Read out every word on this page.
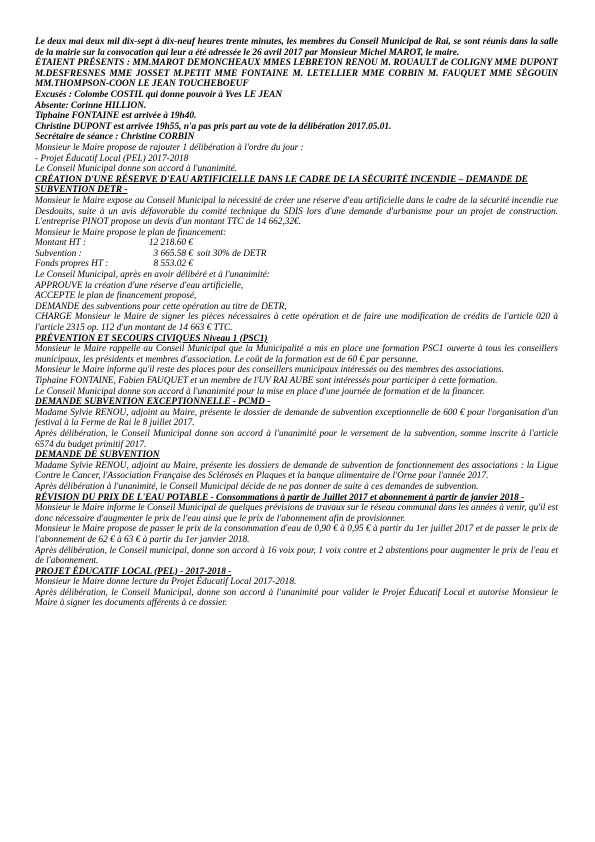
Le deux mai deux mil dix-sept à dix-neuf heures trente minutes, les membres du Conseil Municipal de Rai, se sont réunis dans la salle de la mairie sur la convocation qui leur a été adressée le 26 avril 2017 par Monsieur Michel MAROT, le maire.

ÉTAIENT PRÉSENTS : MM.MAROT DEMONCHEAUX MMES LEBRETON RENOU M. ROUAULT de COLIGNY MME DUPONT M.DESFRESNES MME JOSSET M.PETIT MME FONTAINE M. LETELLIER MME CORBIN M. FAUQUET MME SÉGOUIN MM.THOMPSON-COON LE JEAN TOUCHEBOEUF

Excusés : Colombe COSTIL qui donne pouvoir à Yves LE JEAN

Absente: Corinne HILLION.

Tiphaine FONTAINE est arrivée à 19h40.

Christine DUPONT est arrivée 19h55, n'a pas pris part au vote de la délibération 2017.05.01.

Secrétaire de séance : Christine CORBIN

Monsieur le Maire propose de rajouter 1 délibération à l'ordre du jour :

- Projet Éducatif Local (PEL) 2017-2018

Le Conseil Municipal donne son accord à l'unanimité.

CRÉATION D'UNE RÉSERVE D'EAU ARTIFICIELLE DANS LE CADRE DE LA SÉCURITÉ INCENDIE – DEMANDE DE SUBVENTION DETR -

Monsieur le Maire expose au Conseil Municipal la nécessité de créer une réserve d'eau artificielle dans le cadre de la sécurité incendie rue Desdouits, suite à un avis défavorable du comité technique du SDIS lors d'une demande d'urbanisme pour un projet de construction. L'entreprise PINOT propose un devis d'un montant TTC de 14 662,32€.

Monsieur le Maire propose le plan de financement:

Montant HT :	12 218.60 €
Subvention :	3 665.58 € soit 30% de DETR
Fonds propres HT :	8 553.02 €

Le Conseil Municipal, après en avoir délibéré et à l'unanimité:

APPROUVE la création d'une réserve d'eau artificielle,

ACCEPTE le plan de financement proposé,

DEMANDE des subventions pour cette opération au titre de DETR,

CHARGE Monsieur le Maire de signer les pièces nécessaires à cette opération et de faire une modification de crédits de l'article 020 à l'article 2315 op. 112 d'un montant de 14 663 € TTC.

PRÉVENTION ET SECOURS CIVIQUES Niveau 1 (PSC1)

Monsieur le Maire rappelle au Conseil Municipal que la Municipalité a mis en place une formation PSC1 ouverte à tous les conseillers municipaux, les présidents et membres d'association. Le coût de la formation est de 60 € par personne.

Monsieur le Maire informe qu'il reste des places pour des conseillers municipaux intéressés ou des membres des associations.

Tiphaine FONTAINE, Fabien FAUQUET et un membre de l'UV RAI AUBE sont intéressés pour participer à cette formation.

Le Conseil Municipal donne son accord à l'unanimité pour la mise en place d'une journée de formation et de la financer.

DEMANDE SUBVENTION EXCEPTIONNELLE - PCMD -

Madame Sylvie RENOU, adjoint au Maire, présente le dossier de demande de subvention exceptionnelle de 600 € pour l'organisation d'un festival à la Ferme de Rai le 8 juillet 2017.

Après délibération, le Conseil Municipal donne son accord à l'unanimité pour le versement de la subvention, somme inscrite à l'article 6574 du budget primitif 2017.

DEMANDE DE SUBVENTION

Madame Sylvie RENOU, adjoint au Maire, présente les dossiers de demande de subvention de fonctionnement des associations : la Ligue Contre le Cancer, l'Association Française des Sclérosés en Plaques et la banque alimentaire de l'Orne pour l'année 2017.

Après délibération à l'unanimité, le Conseil Municipal décide de ne pas donner de suite à ces demandes de subvention.

RÉVISION DU PRIX DE L'EAU POTABLE - Consommations à partir de Juillet 2017 et abonnement à partir de janvier 2018 -

Monsieur le Maire informe le Conseil Municipal de quelques prévisions de travaux sur le réseau communal dans les années à venir, qu'il est donc nécessaire d'augmenter le prix de l'eau ainsi que le prix de l'abonnement afin de provisionner.

Monsieur le Maire propose de passer le prix de la consommation d'eau de 0,90 € à 0,95 € à partir du 1er juillet 2017 et de passer le prix de l'abonnement de 62 € à 63 € à partir du 1er janvier 2018.

Après délibération, le Conseil municipal, donne son accord à 16 voix pour, 1 voix contre et 2 abstentions pour augmenter le prix de l'eau et de l'abonnement.

PROJET ÉDUCATIF LOCAL (PEL) - 2017-2018 -

Monsieur le Maire donne lecture du Projet Éducatif Local 2017-2018.

Après délibération, le Conseil Municipal, donne son accord à l'unanimité pour valider le Projet Éducatif Local et autorise Monsieur le Maire à signer les documents afférents à ce dossier.
